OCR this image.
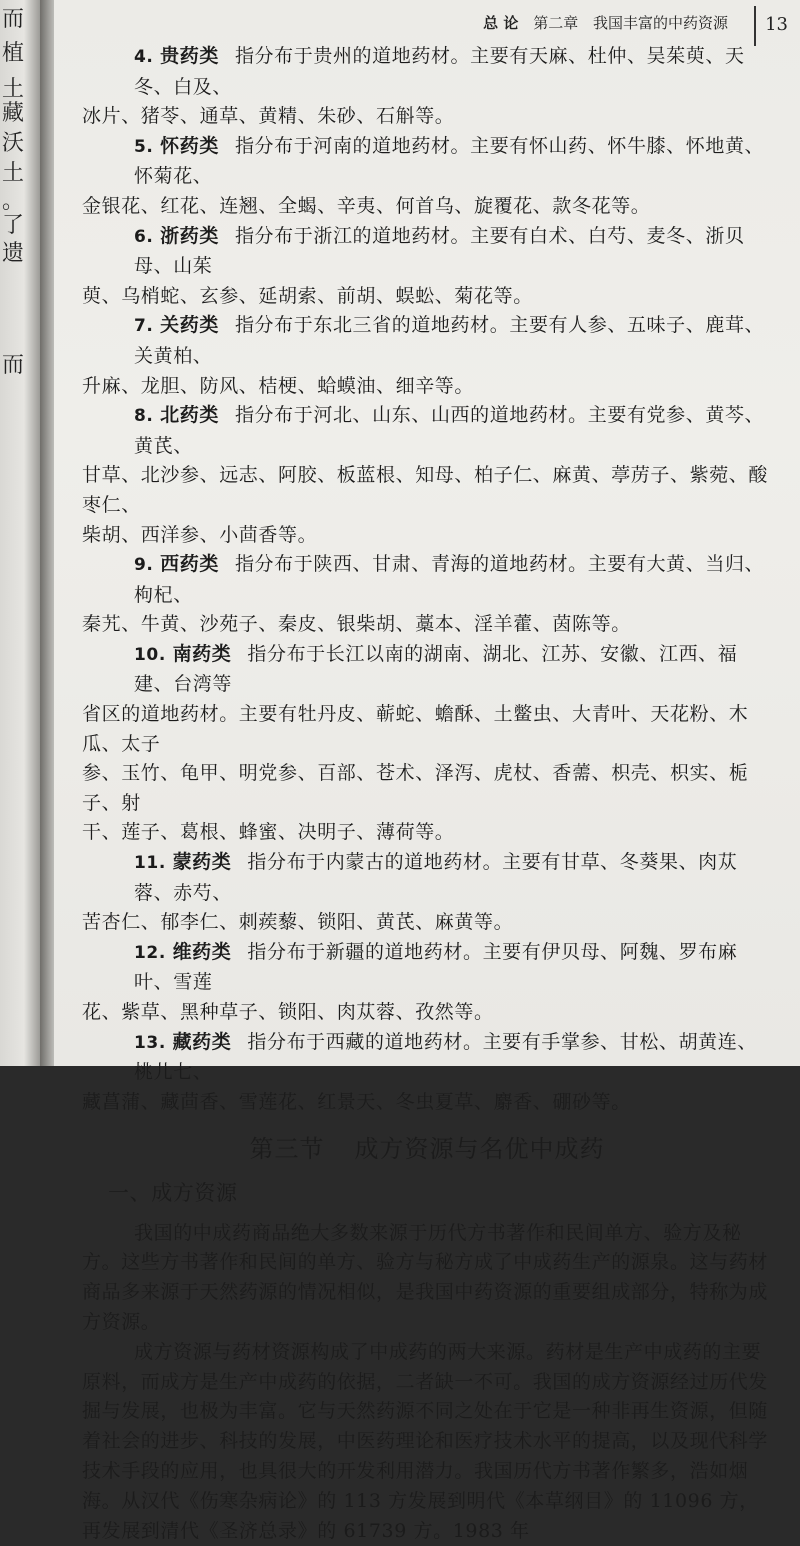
而
植
土
藏
沃
土
。
了
遗
而
总 论 第二章 我国丰富的中药资源 13

4. 贵药类 指分布于贵州的道地药材。主要有天麻、杜仲、吴茱萸、天冬、白及、

冰片、猪苓、通草、黄精、朱砂、石斛等。

5. 怀药类 指分布于河南的道地药材。主要有怀山药、怀牛膝、怀地黄、怀菊花、

金银花、红花、连翘、全蝎、辛夷、何首乌、旋覆花、款冬花等。

6. 浙药类 指分布于浙江的道地药材。主要有白术、白芍、麦冬、浙贝母、山茱

萸、乌梢蛇、玄参、延胡索、前胡、蜈蚣、菊花等。

7. 关药类 指分布于东北三省的道地药材。主要有人参、五味子、鹿茸、关黄柏、

升麻、龙胆、防风、桔梗、蛤蟆油、细辛等。

8. 北药类 指分布于河北、山东、山西的道地药材。主要有党参、黄芩、黄芪、

甘草、北沙参、远志、阿胶、板蓝根、知母、柏子仁、麻黄、葶苈子、紫菀、酸枣仁、

柴胡、西洋参、小茴香等。

9. 西药类 指分布于陕西、甘肃、青海的道地药材。主要有大黄、当归、枸杞、

秦艽、牛黄、沙苑子、秦皮、银柴胡、藁本、淫羊藿、茵陈等。

10. 南药类 指分布于长江以南的湖南、湖北、江苏、安徽、江西、福建、台湾等

省区的道地药材。主要有牡丹皮、蕲蛇、蟾酥、土鳖虫、大青叶、天花粉、木瓜、太子

参、玉竹、龟甲、明党参、百部、苍术、泽泻、虎杖、香薷、枳壳、枳实、栀子、射

干、莲子、葛根、蜂蜜、决明子、薄荷等。

11. 蒙药类 指分布于内蒙古的道地药材。主要有甘草、冬葵果、肉苁蓉、赤芍、

苦杏仁、郁李仁、刺蒺藜、锁阳、黄芪、麻黄等。

12. 维药类 指分布于新疆的道地药材。主要有伊贝母、阿魏、罗布麻叶、雪莲

花、紫草、黑种草子、锁阳、肉苁蓉、孜然等。

13. 藏药类 指分布于西藏的道地药材。主要有手掌参、甘松、胡黄连、桃儿七、

藏菖蒲、藏茴香、雪莲花、红景天、冬虫夏草、麝香、硼砂等。

第三节 成方资源与名优中成药
一、成方资源

我国的中成药商品绝大多数来源于历代方书著作和民间单方、验方及秘方。这些方书著作和民间的单方、验方与秘方成了中成药生产的源泉。这与药材商品多来源于天然药源的情况相似，是我国中药资源的重要组成部分，特称为成方资源。

成方资源与药材资源构成了中成药的两大来源。药材是生产中成药的主要原料，而成方是生产中成药的依据，二者缺一不可。我国的成方资源经过历代发掘与发展，也极为丰富。它与天然药源不同之处在于它是一种非再生资源，但随着社会的进步、科技的发展，中医药理论和医疗技术水平的提高，以及现代科学技术手段的应用，也具很大的开发利用潜力。我国历代方书著作繁多，浩如烟海。从汉代《伤寒杂病论》的 113 方发展到明代《本草纲目》的 11096 方，再发展到清代《圣济总录》的 61739 方。1983 年
